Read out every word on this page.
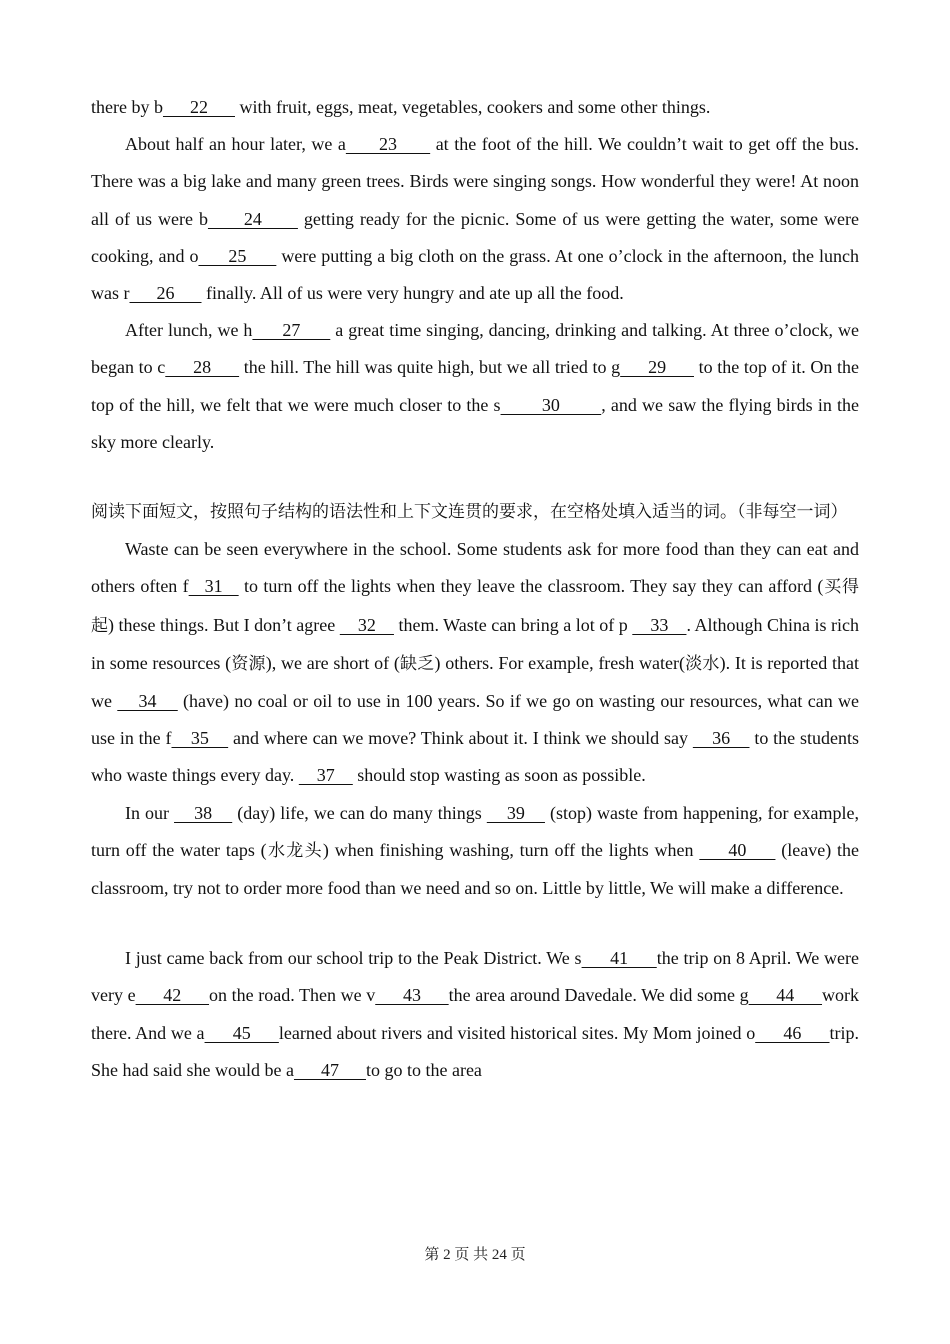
there by b      22       with fruit, eggs, meat, vegetables, cookers and some other things.

About half an hour later, we a      23       at the foot of the hill. We couldn’t wait to get off the bus. There was a big lake and many green trees. Birds were singing songs. How wonderful they were! At noon all of us were b      24       getting ready for the picnic. Some of us were getting the water, some were cooking, and o      25       were putting a big cloth on the grass. At one o’clock in the afternoon, the lunch was r      26       finally. All of us were very hungry and ate up all the food.

After lunch, we h      27       a great time singing, dancing, drinking and talking. At three o’clock, we began to c      28       the hill. The hill was quite high, but we all tried to g      29       to the top of it. On the top of the hill, we felt that we were much closer to the s        30        , and we saw the flying birds in the sky more clearly.

阅读下面短文，按照句子结构的语法性和上下文连贯的要求，在空格处填入适当的词。（非每空一词）

Waste can be seen everywhere in the school. Some students ask for more food than they can eat and others often f   31    to turn off the lights when they leave the classroom. They say they can afford (买得起) these things. But I don’t agree     32     them. Waste can bring a lot of p     33    . Although China is rich in some resources (资源), we are short of (缺乏) others. For example, fresh water(淡水). It is reported that we     34     (have) no coal or oil to use in 100 years. So if we go on wasting our resources, what can we use in the f    35     and where can we move? Think about it. I think we should say     36     to the students who waste things every day.     37     should stop wasting as soon as possible.

In our     38     (day) life, we can do many things     39     (stop) waste from happening, for example, turn off the water taps (水龙头) when finishing washing, turn off the lights when      40      (leave) the classroom, try not to order more food than we need and so on. Little by little, We will make a difference.

I just came back from our school trip to the Peak District. We s      41      the trip on 8 April. We were very e      42      on the road. Then we v      43      the area around Davedale. We did some g      44      work there. And we a      45      learned about rivers and visited historical sites. My Mom joined o      46      trip. She had said she would be a      47      to go to the area

第 2 页 共 24 页
